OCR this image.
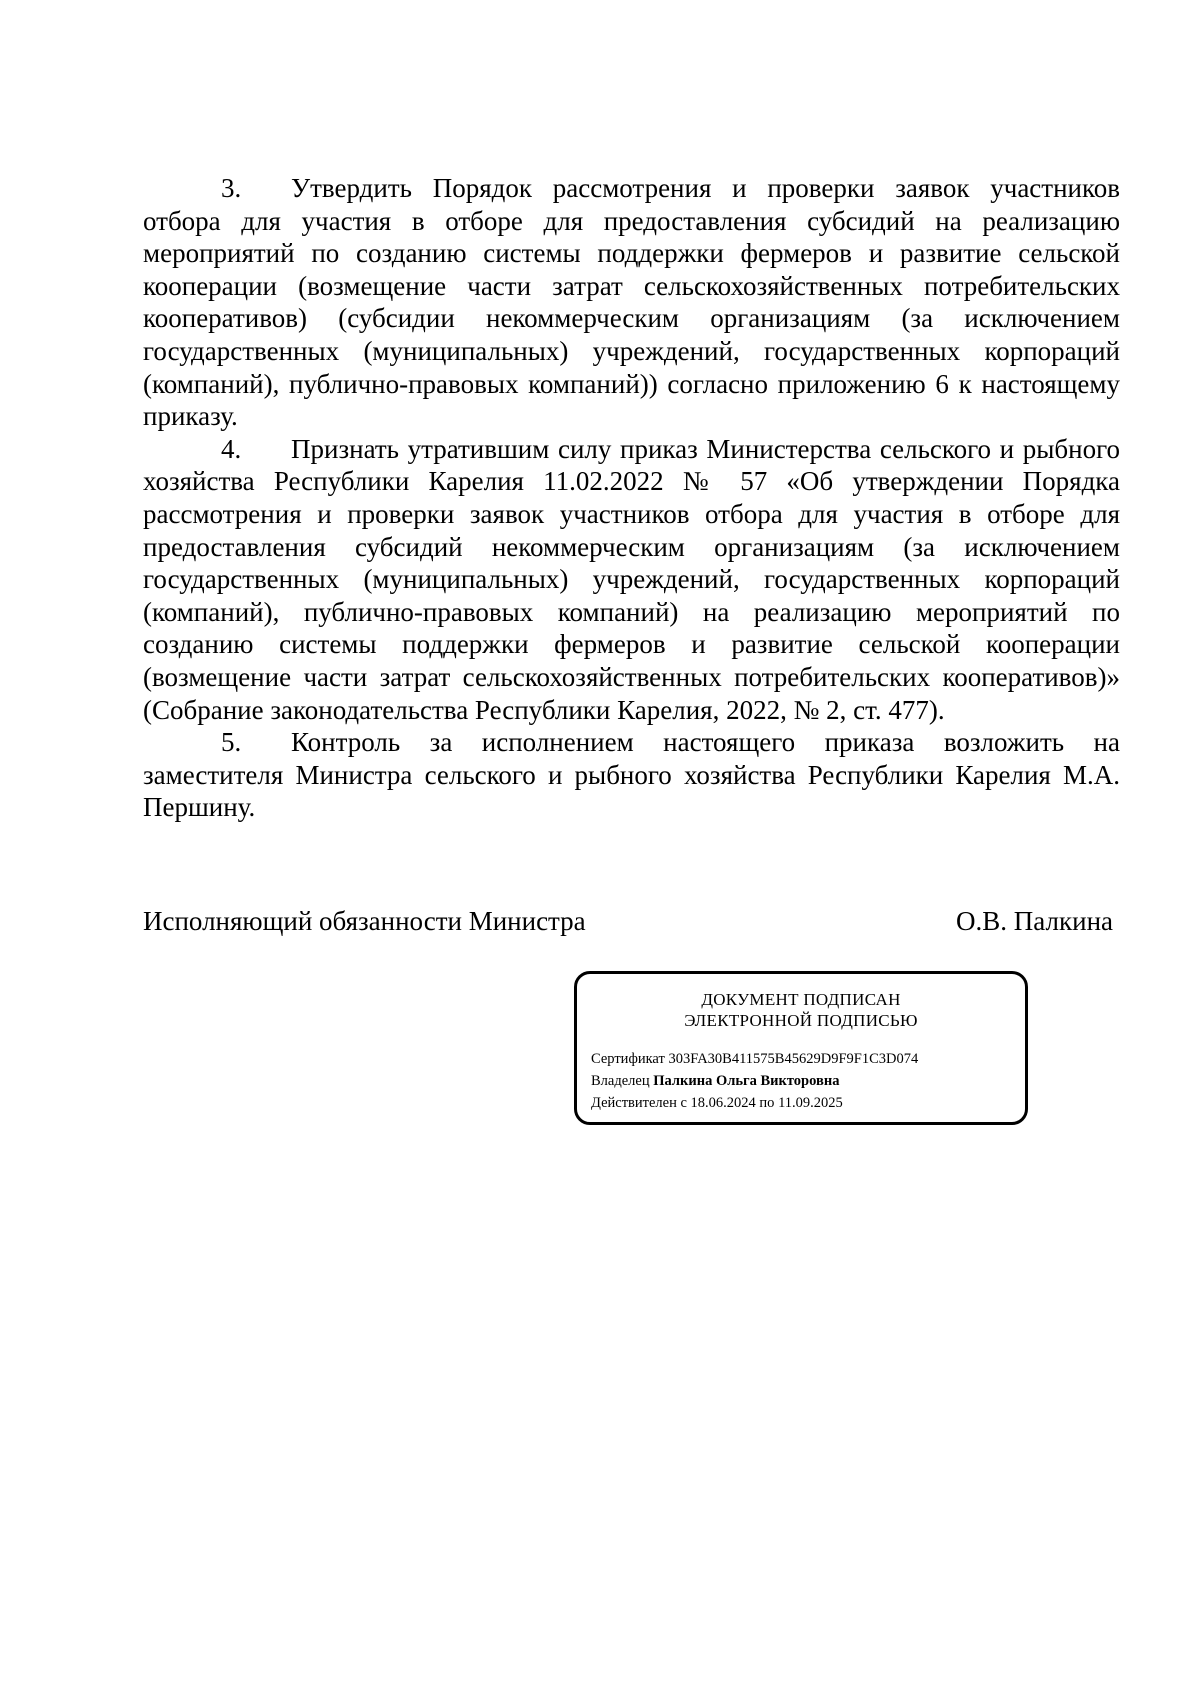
3. Утвердить Порядок рассмотрения и проверки заявок участников отбора для участия в отборе для предоставления субсидий на реализацию мероприятий по созданию системы поддержки фермеров и развитие сельской кооперации (возмещение части затрат сельскохозяйственных потребительских кооперативов) (субсидии некоммерческим организациям (за исключением государственных (муниципальных) учреждений, государственных корпораций (компаний), публично-правовых компаний)) согласно приложению 6 к настоящему приказу.

4. Признать утратившим силу приказ Министерства сельского и рыбного хозяйства Республики Карелия 11.02.2022 № 57 «Об утверждении Порядка рассмотрения и проверки заявок участников отбора для участия в отборе для предоставления субсидий некоммерческим организациям (за исключением государственных (муниципальных) учреждений, государственных корпораций (компаний), публично-правовых компаний) на реализацию мероприятий по созданию системы поддержки фермеров и развитие сельской кооперации (возмещение части затрат сельскохозяйственных потребительских кооперативов)» (Собрание законодательства Республики Карелия, 2022, № 2, ст. 477).

5. Контроль за исполнением настоящего приказа возложить на заместителя Министра сельского и рыбного хозяйства Республики Карелия М.А. Першину.

Исполняющий обязанности Министра	О.В. Палкина
ДОКУМЕНТ ПОДПИСАН
ЭЛЕКТРОННОЙ ПОДПИСЬЮ
Сертификат 303FA30B411575B45629D9F9F1C3D074
Владелец Палкина Ольга Викторовна
Действителен с 18.06.2024 по 11.09.2025
